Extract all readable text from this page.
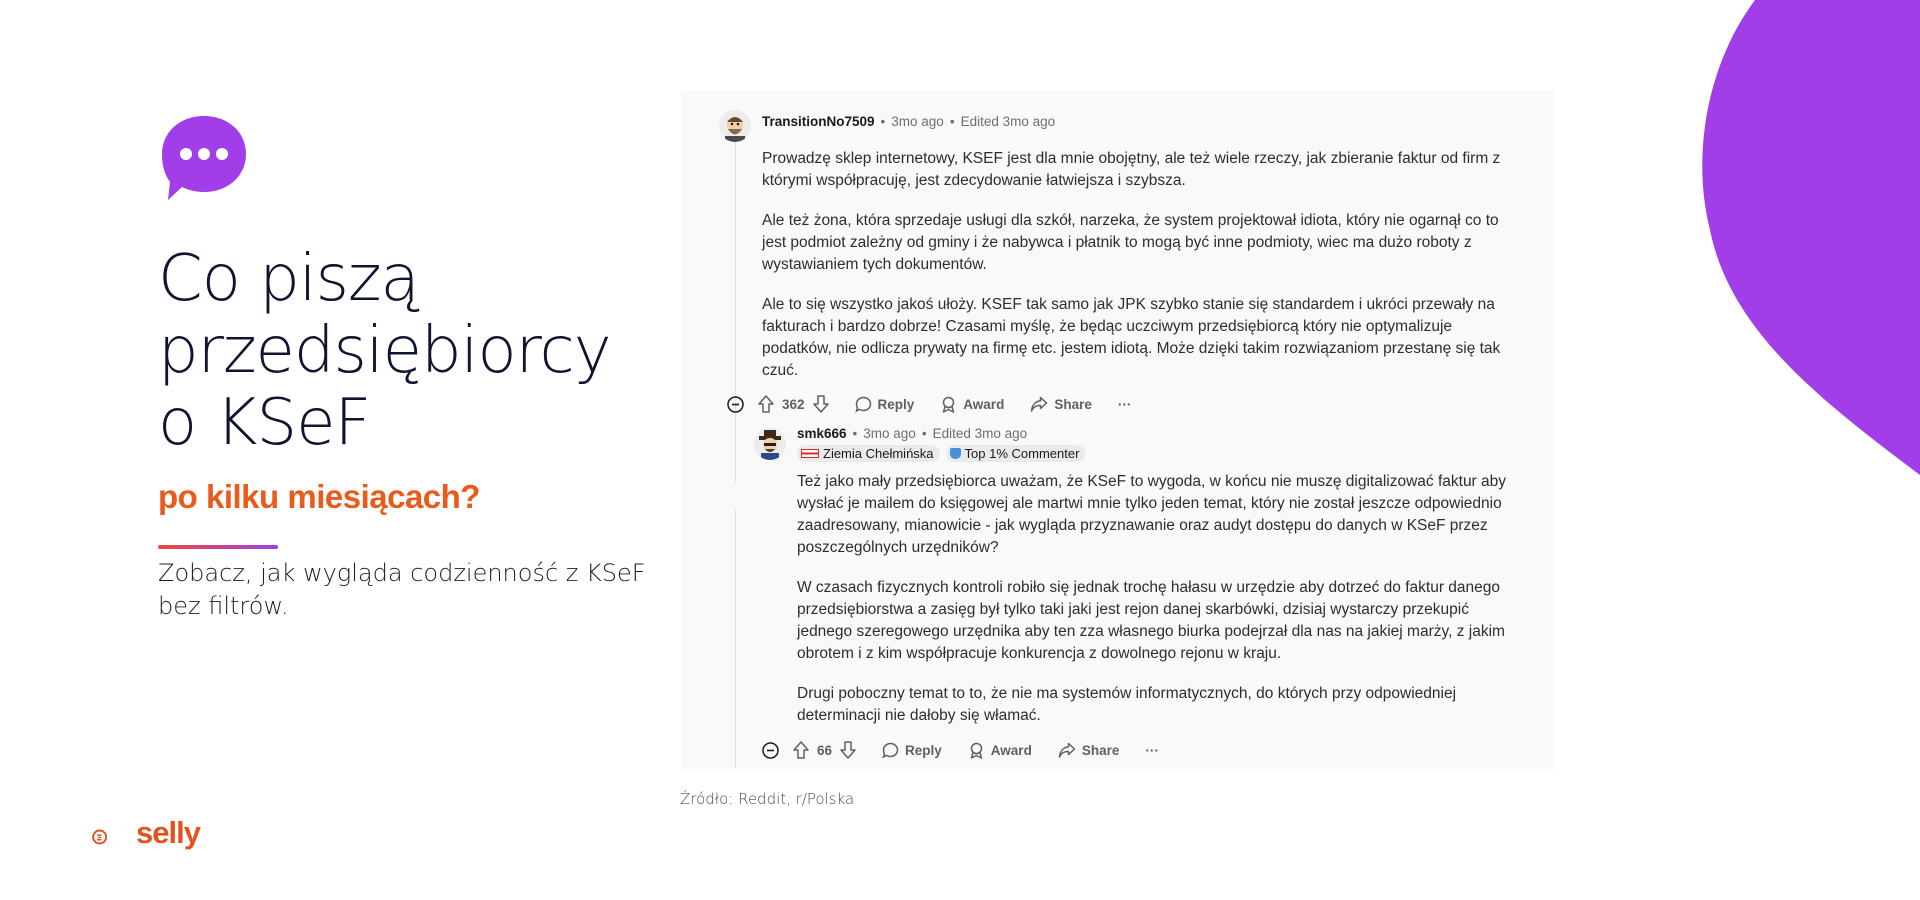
Co piszą
przedsiębiorcy
o KSeF
po kilku miesiącach?

Zobacz, jak wygląda codzienność z KSeF bez filtrów.

TransitionNo7509 • 3mo ago • Edited 3mo ago

Prowadzę sklep internetowy, KSEF jest dla mnie obojętny, ale też wiele rzeczy, jak zbieranie faktur od firm z którymi współpracuję, jest zdecydowanie łatwiejsza i szybsza.

Ale też żona, która sprzedaje usługi dla szkół, narzeka, że system projektował idiota, który nie ogarnął co to jest podmiot zależny od gminy i że nabywca i płatnik to mogą być inne podmioty, wiec ma dużo roboty z wystawianiem tych dokumentów.

Ale to się wszystko jakoś ułoży. KSEF tak samo jak JPK szybko stanie się standardem i ukróci przewały na fakturach i bardzo dobrze! Czasami myślę, że będąc uczciwym przedsiębiorcą który nie optymalizuje podatków, nie odlicza prywaty na firmę etc. jestem idiotą. Może dzięki takim rozwiązaniom przestanę się tak czuć.

362	Reply	Award	Share ···
smk666 • 3mo ago • Edited 3mo ago
Ziemia Chełmińska Top 1% Commenter

Też jako mały przedsiębiorca uważam, że KSeF to wygoda, w końcu nie muszę digitalizować faktur aby wysłać je mailem do księgowej ale martwi mnie tylko jeden temat, który nie został jeszcze odpowiednio zaadresowany, mianowicie - jak wygląda przyznawanie oraz audyt dostępu do danych w KSeF przez poszczególnych urzędników?

W czasach fizycznych kontroli robiło się jednak trochę hałasu w urzędzie aby dotrzeć do faktur danego przedsiębiorstwa a zasięg był tylko taki jaki jest rejon danej skarbówki, dzisiaj wystarczy przekupić jednego szeregowego urzędnika aby ten zza własnego biurka podejrzał dla nas na jakiej marży, z jakim obrotem i z kim współpracuje konkurencja z dowolnego rejonu w kraju.

Drugi poboczny temat to to, że nie ma systemów informatycznych, do których przy odpowiedniej determinacji nie dałoby się włamać.

66	Reply	Award	Share ···
Źródło: Reddit, r/Polska
selly
